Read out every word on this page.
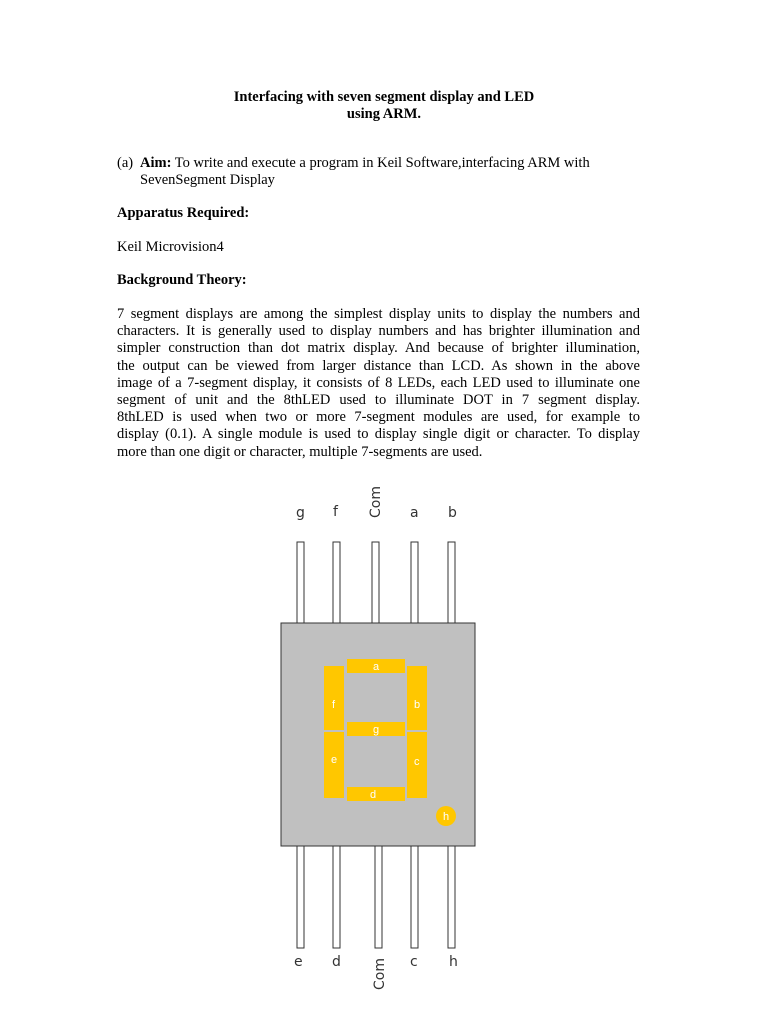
Interfacing with seven segment display and LED
using ARM.
(a) Aim: To write and execute a program in Keil Software,interfacing ARM with
SevenSegment Display
Apparatus Required:
Keil Microvision4
Background Theory:
7 segment displays are among the simplest display units to display the numbers and
characters. It is generally used to display numbers and has brighter illumination and
simpler construction than dot matrix display. And because of brighter illumination,
the output can be viewed from larger distance than LCD. As shown in the above
image of a 7-segment display, it consists of 8 LEDs, each LED used to illuminate one
segment of unit and the 8thLED used to illuminate DOT in 7 segment display.
8thLED is used when two or more 7-segment modules are used, for example to
display (0.1). A single module is used to display single digit or character. To display
more than one digit or character, multiple 7-segments are used.
g f Com a b
a
f	b
g
e	c
d
h
e d Com c h
